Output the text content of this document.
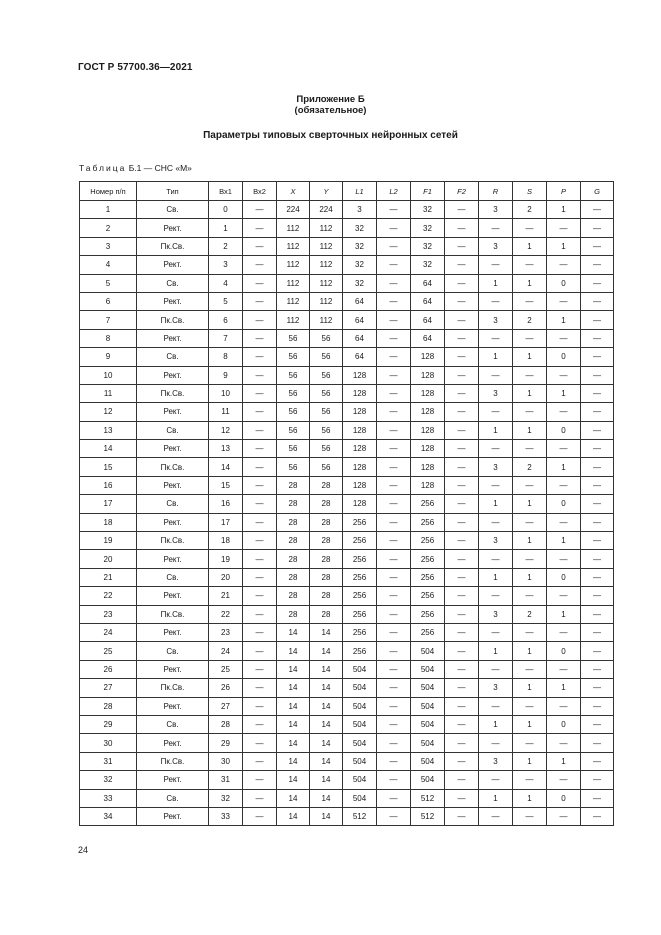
ГОСТ Р 57700.36—2021
Приложение Б
(обязательное)
Параметры типовых сверточных нейронных сетей
Таблица Б.1 — СНС «М»
Номер п/п	Тип	Вх1	Вх2	X	Y	L1	L2	F1	F2	R	S	P	G
1	Св.	0	—	224	224	3	—	32	—	3	2	1	—
2	Рект.	1	—	112	112	32	—	32	—	—	—	—	—
3	Пк.Св.	2	—	112	112	32	—	32	—	3	1	1	—
4	Рект.	3	—	112	112	32	—	32	—	—	—	—	—
5	Св.	4	—	112	112	32	—	64	—	1	1	0	—
6	Рект.	5	—	112	112	64	—	64	—	—	—	—	—
7	Пк.Св.	6	—	112	112	64	—	64	—	3	2	1	—
8	Рект.	7	—	56	56	64	—	64	—	—	—	—	—
9	Св.	8	—	56	56	64	—	128	—	1	1	0	—
10	Рект.	9	—	56	56	128	—	128	—	—	—	—	—
11	Пк.Св.	10	—	56	56	128	—	128	—	3	1	1	—
12	Рект.	11	—	56	56	128	—	128	—	—	—	—	—
13	Св.	12	—	56	56	128	—	128	—	1	1	0	—
14	Рект.	13	—	56	56	128	—	128	—	—	—	—	—
15	Пк.Св.	14	—	56	56	128	—	128	—	3	2	1	—
16	Рект.	15	—	28	28	128	—	128	—	—	—	—	—
17	Св.	16	—	28	28	128	—	256	—	1	1	0	—
18	Рект.	17	—	28	28	256	—	256	—	—	—	—	—
19	Пк.Св.	18	—	28	28	256	—	256	—	3	1	1	—
20	Рект.	19	—	28	28	256	—	256	—	—	—	—	—
21	Св.	20	—	28	28	256	—	256	—	1	1	0	—
22	Рект.	21	—	28	28	256	—	256	—	—	—	—	—
23	Пк.Св.	22	—	28	28	256	—	256	—	3	2	1	—
24	Рект.	23	—	14	14	256	—	256	—	—	—	—	—
25	Св.	24	—	14	14	256	—	504	—	1	1	0	—
26	Рект.	25	—	14	14	504	—	504	—	—	—	—	—
27	Пк.Св.	26	—	14	14	504	—	504	—	3	1	1	—
28	Рект.	27	—	14	14	504	—	504	—	—	—	—	—
29	Св.	28	—	14	14	504	—	504	—	1	1	0	—
30	Рект.	29	—	14	14	504	—	504	—	—	—	—	—
31	Пк.Св.	30	—	14	14	504	—	504	—	3	1	1	—
32	Рект.	31	—	14	14	504	—	504	—	—	—	—	—
33	Св.	32	—	14	14	504	—	512	—	1	1	0	—
34	Рект.	33	—	14	14	512	—	512	—	—	—	—	—
24
